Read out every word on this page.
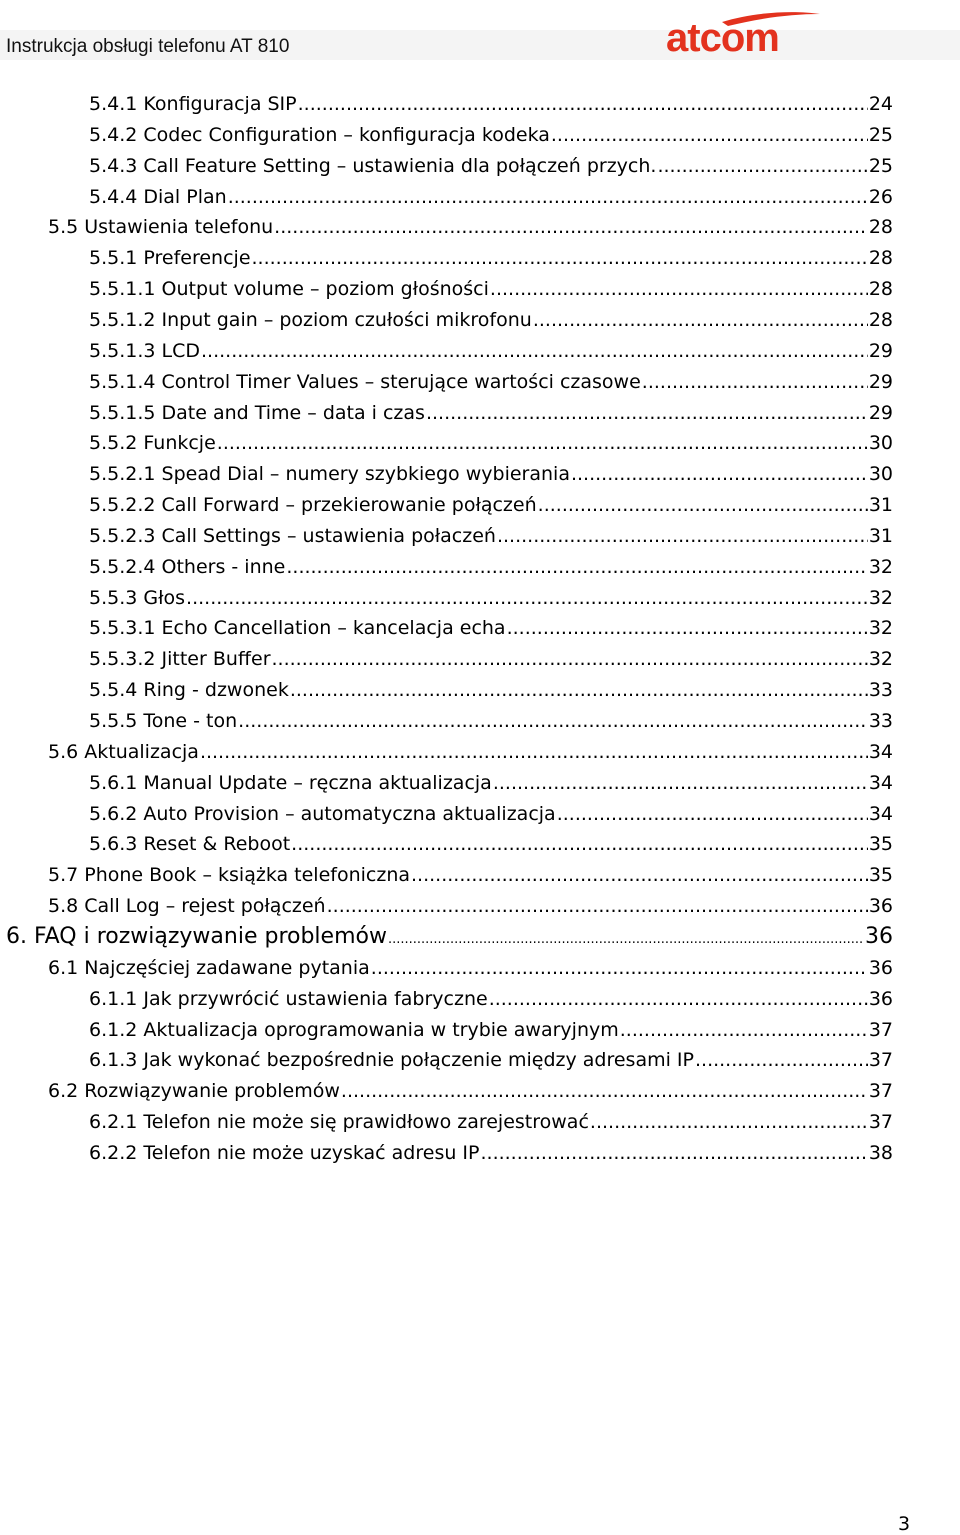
Instrukcja obsługi telefonu AT 810	atcom
5.4.1 Konfiguracja SIP .....	24
5.4.2 Codec Configuration – konfiguracja kodeka .....	25
5.4.3 Call Feature Setting – ustawienia dla połączeń przych. .....	25
5.4.4 Dial Plan .....	26
5.5 Ustawienia telefonu .....	28
5.5.1 Preferencje .....	28
5.5.1.1 Output volume – poziom głośności .....	28
5.5.1.2 Input gain – poziom czułości mikrofonu .....	28
5.5.1.3 LCD .....	29
5.5.1.4 Control Timer Values – sterujące wartości czasowe .....	29
5.5.1.5 Date and Time – data i czas .....	29
5.5.2 Funkcje .....	30
5.5.2.1 Spead Dial – numery szybkiego wybierania .....	30
5.5.2.2 Call Forward – przekierowanie połączeń .....	31
5.5.2.3 Call Settings – ustawienia połaczeń .....	31
5.5.2.4 Others - inne .....	32
5.5.3 Głos .....	32
5.5.3.1 Echo Cancellation – kancelacja echa .....	32
5.5.3.2 Jitter Buffer .....	32
5.5.4 Ring - dzwonek .....	33
5.5.5 Tone - ton .....	33
5.6 Aktualizacja .....	34
5.6.1 Manual Update – ręczna aktualizacja .....	34
5.6.2 Auto Provision – automatyczna aktualizacja .....	34
5.6.3 Reset & Reboot .....	35
5.7 Phone Book – książka telefoniczna .....	35
5.8 Call Log – rejest połączeń .....	36
6. FAQ i rozwiązywanie problemów .....	36
6.1 Najczęściej zadawane pytania .....	36
6.1.1 Jak przywrócić ustawienia fabryczne .....	36
6.1.2 Aktualizacja oprogramowania w trybie awaryjnym .....	37
6.1.3 Jak wykonać bezpośrednie połączenie między adresami IP .....	37
6.2 Rozwiązywanie problemów .....	37
6.2.1 Telefon nie może się prawidłowo zarejestrować .....	37
6.2.2 Telefon nie może uzyskać adresu IP .....	38
3
